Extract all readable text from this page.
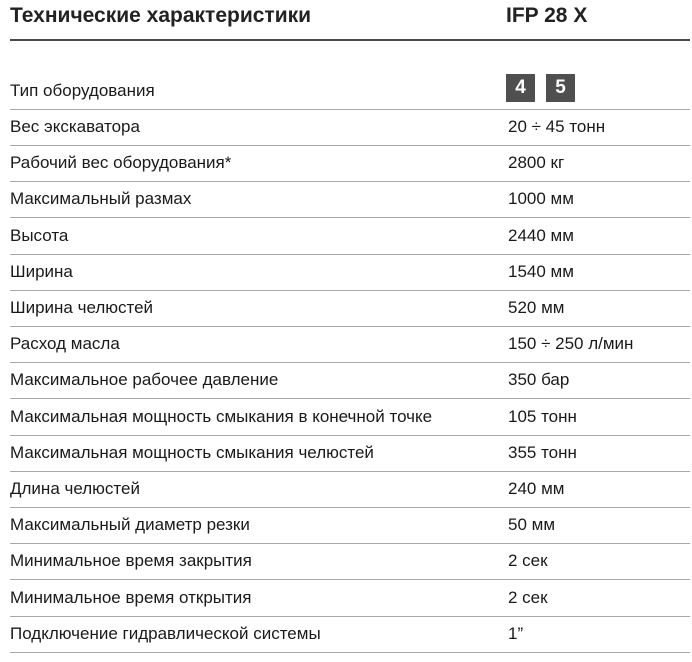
Технические характеристики	IFP 28 X
Тип оборудования	4	5
Вес экскаватора	20 ÷ 45 тонн
Рабочий вес оборудования*	2800 кг
Максимальный размах	1000 мм
Высота	2440 мм
Ширина	1540 мм
Ширина челюстей	520 мм
Расход масла	150 ÷ 250 л/мин
Максимальное рабочее давление	350 бар
Максимальная мощность смыкания в конечной точке	105 тонн
Максимальная мощность смыкания челюстей	355 тонн
Длина челюстей	240 мм
Максимальный диаметр резки	50 мм
Минимальное время закрытия	2 сек
Минимальное время открытия	2 сек
Подключение гидравлической системы	1”
